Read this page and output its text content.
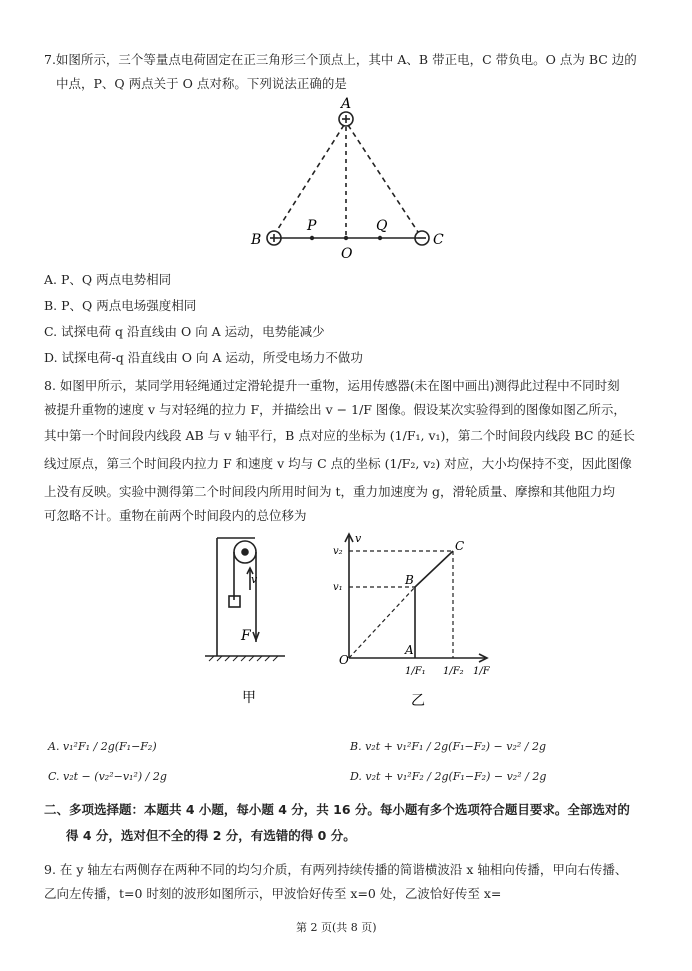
7.如图所示，三个等量点电荷固定在正三角形三个顶点上，其中 A、B 带正电，C 带负电。O 点为 BC 边的
中点，P、Q 两点关于 O 点对称。下列说法正确的是
A
B	C
P	Q
O
A. P、Q 两点电势相同
B. P、Q 两点电场强度相同
C. 试探电荷 q 沿直线由 O 向 A 运动，电势能减少
D. 试探电荷-q 沿直线由 O 向 A 运动，所受电场力不做功
8. 如图甲所示，某同学用轻绳通过定滑轮提升一重物，运用传感器(未在图中画出)测得此过程中不同时刻
被提升重物的速度 v 与对轻绳的拉力 F，并描绘出 v − 1/F 图像。假设某次实验得到的图像如图乙所示，
其中第一个时间段内线段 AB 与 v 轴平行，B 点对应的坐标为 (1/F₁, v₁)，第二个时间段内线段 BC 的延长
线过原点，第三个时间段内拉力 F 和速度 v 均与 C 点的坐标 (1/F₂, v₂) 对应，大小均保持不变，因此图像
上没有反映。实验中测得第二个时间段内所用时间为 t，重力加速度为 g，滑轮质量、摩擦和其他阻力均
可忽略不计。重物在前两个时间段内的总位移为
v
F
甲
v
v₂
v₁
B
C
A
O
1/F₁ 1/F₂ 1/F
乙
A. v₁²F₁ / 2g(F₁−F₂)
C. v₂t − (v₂²−v₁²) / 2g
B. v₂t + v₁²F₁ / 2g(F₁−F₂) − v₂² / 2g
D. v₂t + v₁²F₂ / 2g(F₁−F₂) − v₂² / 2g
二、多项选择题：本题共 4 小题，每小题 4 分，共 16 分。每小题有多个选项符合题目要求。全部选对的
得 4 分，选对但不全的得 2 分，有选错的得 0 分。
9. 在 y 轴左右两侧存在两种不同的均匀介质，有两列持续传播的简谐横波沿 x 轴相向传播，甲向右传播、
乙向左传播，t=0 时刻的波形如图所示，甲波恰好传至 x=0 处，乙波恰好传至 x=
第 2 页(共 8 页)
